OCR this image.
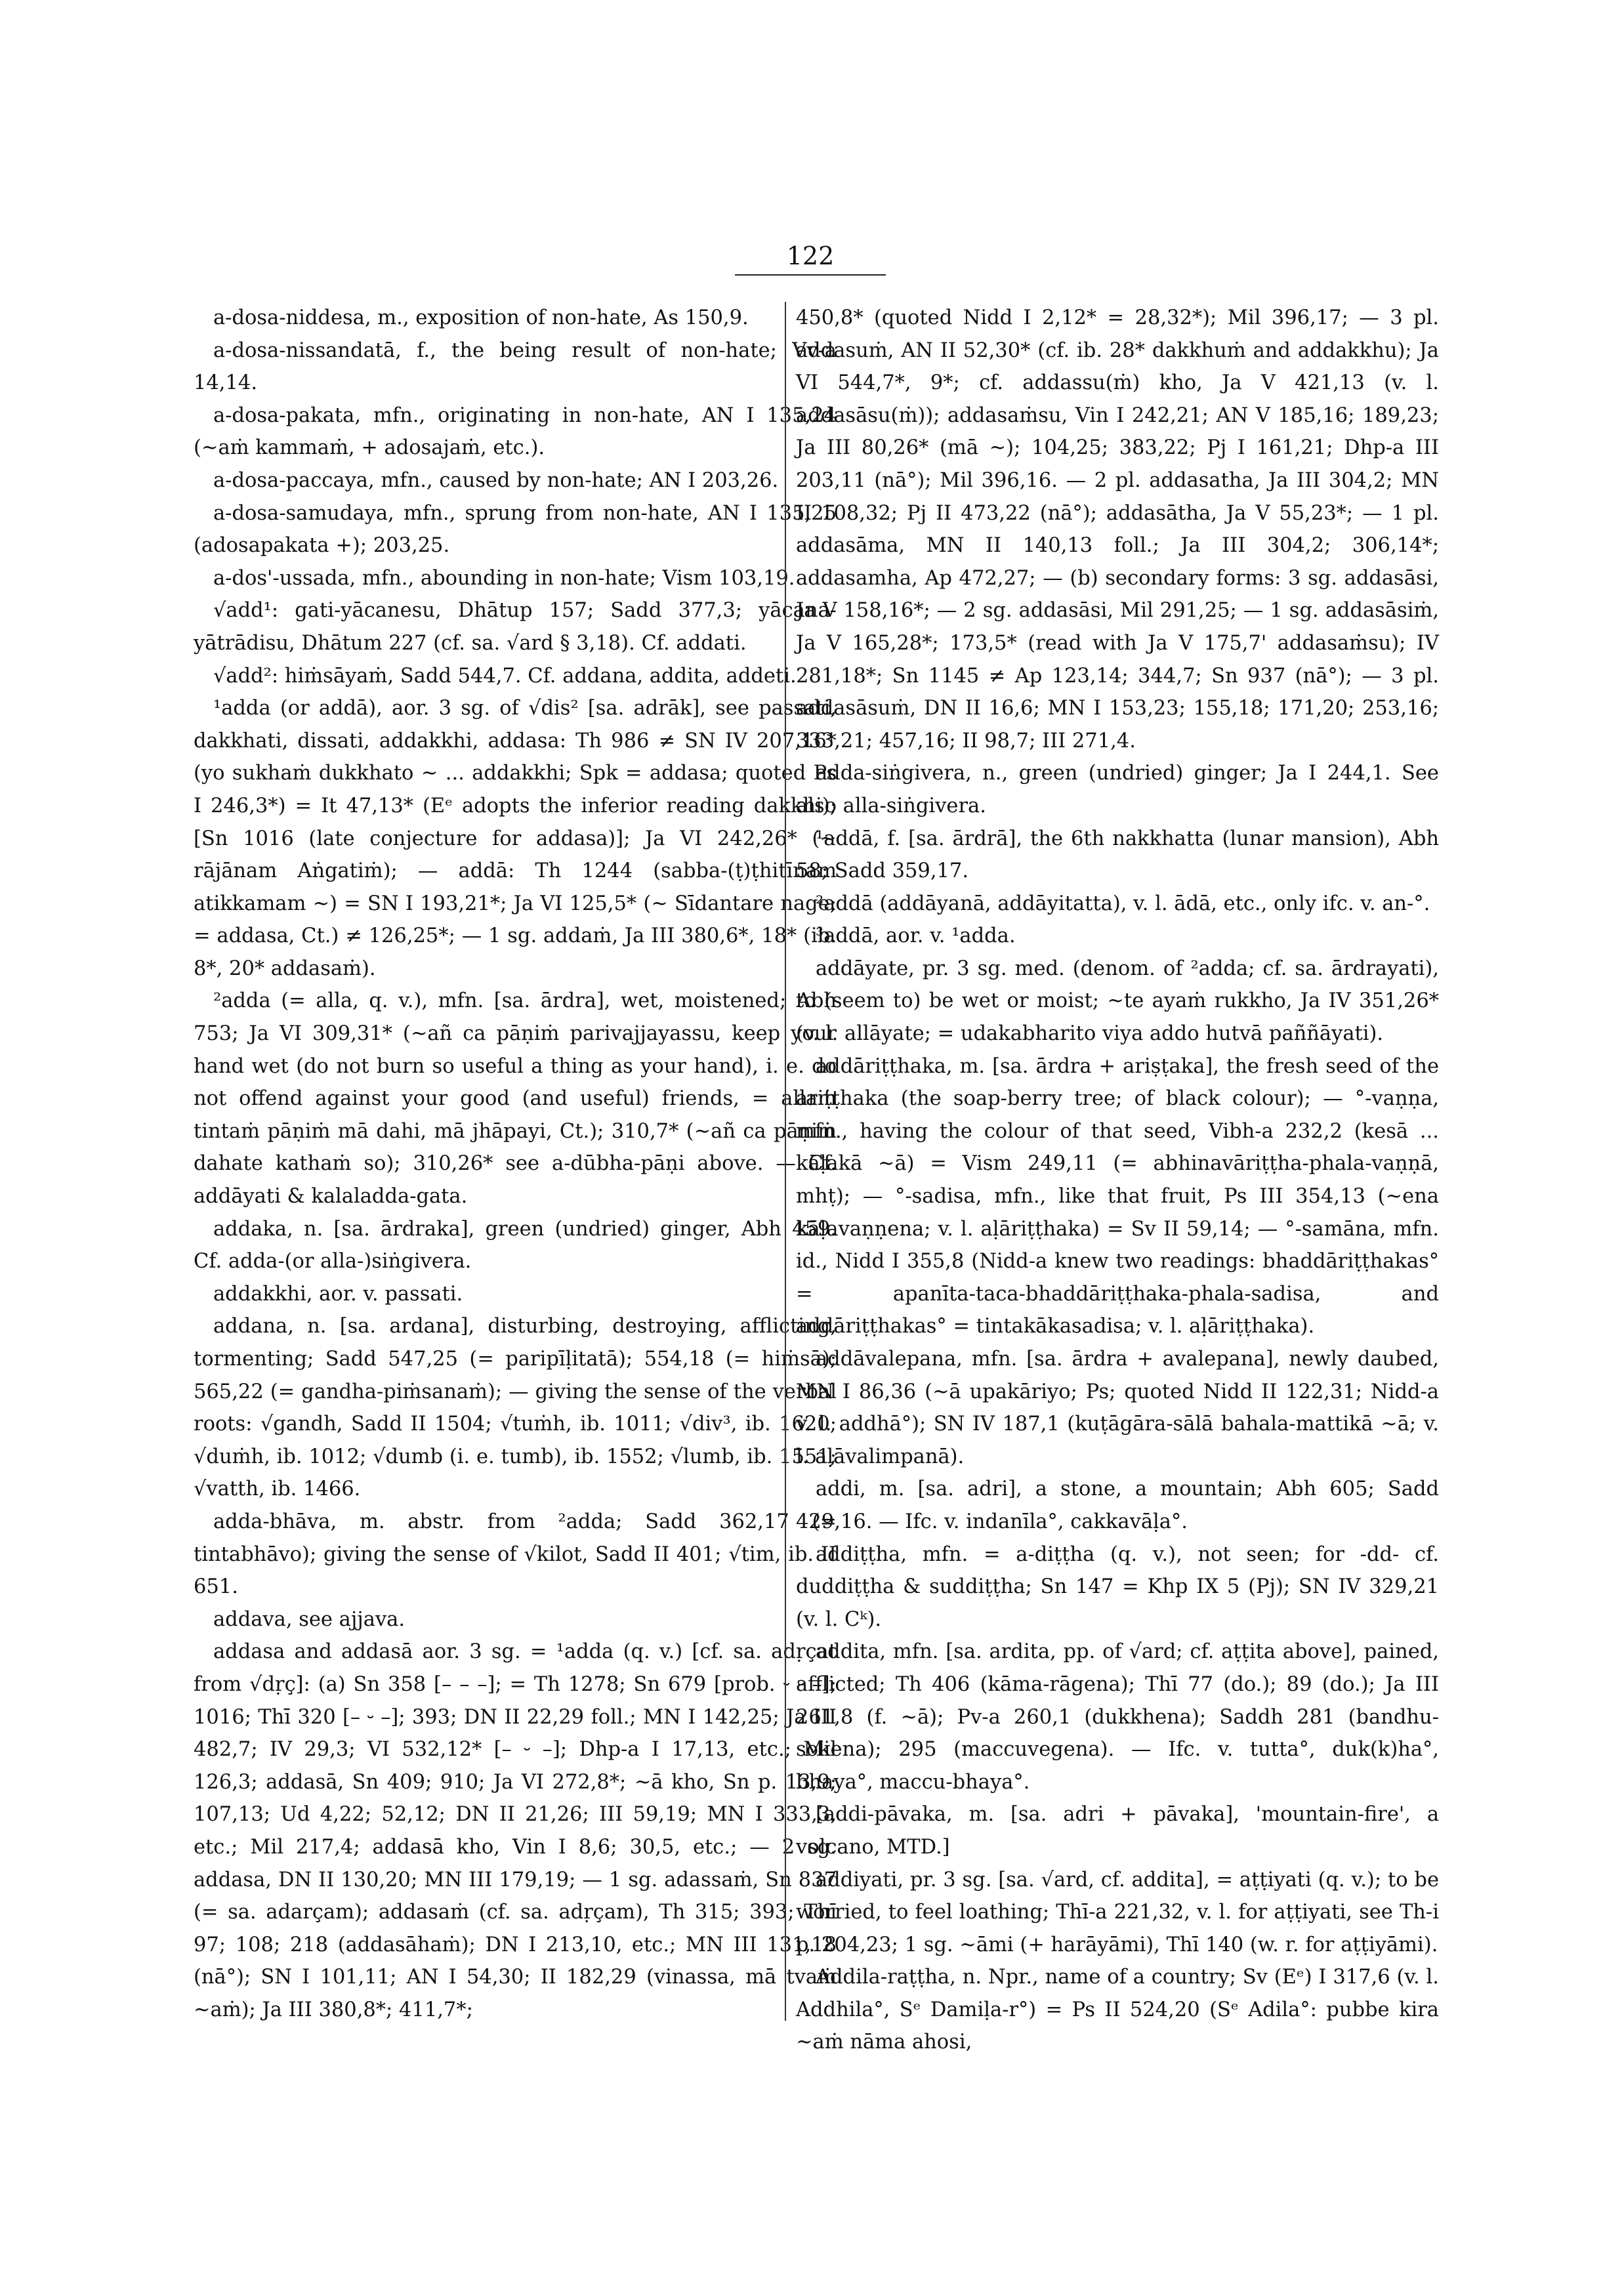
122

a-dosa-niddesa, m., exposition of non-hate, As 150,9.

a-dosa-nissandatā, f., the being result of non-hate; Vv-a 14,14.

a-dosa-pakata, mfn., originating in non-hate, AN I 135,24 (~aṁ kammaṁ, + adosajaṁ, etc.).

a-dosa-paccaya, mfn., caused by non-hate; AN I 203,26.

a-dosa-samudaya, mfn., sprung from non-hate, AN I 135,25 (adosapakata +); 203,25.

a-dos'-ussada, mfn., abounding in non-hate; Vism 103,19.

√add¹: gati-yācanesu, Dhātup 157; Sadd 377,3; yācana-yātrādisu, Dhātum 227 (cf. sa. √ard § 3,18). Cf. addati.

√add²: hiṁsāyaṁ, Sadd 544,7. Cf. addana, addita, addeti.

¹adda (or addā), aor. 3 sg. of √dis² [sa. adrāk], see passati, dakkhati, dissati, addakkhi, addasa: Th 986 ≠ SN IV 207,16* (yo sukhaṁ dukkhato ~ ... addakkhi; Spk = addasa; quoted Ps I 246,3*) = It 47,13* (Eᵉ adopts the inferior reading dakkhi); [Sn 1016 (late conjecture for addasa)]; Ja VI 242,26* (~ rājānam Aṅgatiṁ); — addā: Th 1244 (sabba-(ṭ)ṭhitīnam atikkamam ~) = SN I 193,21*; Ja VI 125,5* (~ Sīdantare nage; = addasa, Ct.) ≠ 126,25*; — 1 sg. addaṁ, Ja III 380,6*, 18* (ib. 8*, 20* addasaṁ).

²adda (= alla, q. v.), mfn. [sa. ārdra], wet, moistened; Abh 753; Ja VI 309,31* (~añ ca pāṇiṁ parivajjayassu, keep your hand wet (do not burn so useful a thing as your hand), i. e. do not offend against your good (and useful) friends, = allaṁ tintaṁ pāṇiṁ mā dahi, mā jhāpayi, Ct.); 310,7* (~añ ca pāṇiṁ dahate kathaṁ so); 310,26* see a-dūbha-pāṇi above. — Cf. addāyati & kalaladda-gata.

addaka, n. [sa. ārdraka], green (undried) ginger, Abh 459. Cf. adda-(or alla-)siṅgivera.

addakkhi, aor. v. passati.

addana, n. [sa. ardana], disturbing, destroying, afflicting, tormenting; Sadd 547,25 (= paripīḷitatā); 554,18 (= hiṁsā); 565,22 (= gandha-piṁsanaṁ); — giving the sense of the verbal roots: √gandh, Sadd II 1504; √tuṁh, ib. 1011; √div³, ib. 1620; √duṁh, ib. 1012; √dumb (i. e. tumb), ib. 1552; √lumb, ib. 1551; √vatth, ib. 1466.

adda-bhāva, m. abstr. from ²adda; Sadd 362,17 (= tintabhāvo); giving the sense of √kilot, Sadd II 401; √tim, ib. II 651.

addava, see ajjava.

addasa and addasā aor. 3 sg. = ¹adda (q. v.) [cf. sa. adṛçat from √dṛç]: (a) Sn 358 [– – –]; = Th 1278; Sn 679 [prob. ⏑ ⏑ –]; 1016; Thī 320 [– ⏑ –]; 393; DN II 22,29 foll.; MN I 142,25; Ja III 482,7; IV 29,3; VI 532,12* [– ⏑ –]; Dhp-a I 17,13, etc.; Mil 126,3; addasā, Sn 409; 910; Ja VI 272,8*; ~ā kho, Sn p. 13,9; 107,13; Ud 4,22; 52,12; DN II 21,26; III 59,19; MN I 333,3, etc.; Mil 217,4; addasā kho, Vin I 8,6; 30,5, etc.; — 2 sg. addasa, DN II 130,20; MN III 179,19; — 1 sg. adassaṁ, Sn 837 (= sa. adarçam); addasaṁ (cf. sa. adṛçam), Th 315; 393; Thī 97; 108; 218 (addasāhaṁ); DN I 213,10, etc.; MN III 131,18 (nā°); SN I 101,11; AN I 54,30; II 182,29 (vinassa, mā tvaṁ ~aṁ); Ja III 380,8*; 411,7*;

450,8* (quoted Nidd I 2,12* = 28,32*); Mil 396,17; — 3 pl. addasuṁ, AN II 52,30* (cf. ib. 28* dakkhuṁ and addakkhu); Ja VI 544,7*, 9*; cf. addassu(ṁ) kho, Ja V 421,13 (v. l. addasāsu(ṁ)); addasaṁsu, Vin I 242,21; AN V 185,16; 189,23; Ja III 80,26* (mā ~); 104,25; 383,22; Pj I 161,21; Dhp-a III 203,11 (nā°); Mil 396,16. — 2 pl. addasatha, Ja III 304,2; MN II 108,32; Pj II 473,22 (nā°); addasātha, Ja V 55,23*; — 1 pl. addasāma, MN II 140,13 foll.; Ja III 304,2; 306,14*; addasamha, Ap 472,27; — (b) secondary forms: 3 sg. addasāsi, Ja V 158,16*; — 2 sg. addasāsi, Mil 291,25; — 1 sg. addasāsiṁ, Ja V 165,28*; 173,5* (read with Ja V 175,7' addasaṁsu); IV 281,18*; Sn 1145 ≠ Ap 123,14; 344,7; Sn 937 (nā°); — 3 pl. addasāsuṁ, DN II 16,6; MN I 153,23; 155,18; 171,20; 253,16; 333,21; 457,16; II 98,7; III 271,4.

adda-siṅgivera, n., green (undried) ginger; Ja I 244,1. See also alla-siṅgivera.

¹addā, f. [sa. ārdrā], the 6th nakkhatta (lunar mansion), Abh 58; Sadd 359,17.

²addā (addāyanā, addāyitatta), v. l. ādā, etc., only ifc. v. an-°.

³addā, aor. v. ¹adda.

addāyate, pr. 3 sg. med. (denom. of ²adda; cf. sa. ārdrayati), to (seem to) be wet or moist; ~te ayaṁ rukkho, Ja IV 351,26* (v. l. allāyate; = udakabharito viya addo hutvā paññāyati).

addāriṭṭhaka, m. [sa. ārdra + ariṣṭaka], the fresh seed of the ariṭṭhaka (the soap-berry tree; of black colour); — °-vaṇṇa, mfn., having the colour of that seed, Vibh-a 232,2 (kesā ... kāḷakā ~ā) = Vism 249,11 (= abhinavāriṭṭha-phala-vaṇṇā, mhṭ); — °-sadisa, mfn., like that fruit, Ps III 354,13 (~ena kāḷavaṇṇena; v. l. aḷāriṭṭhaka) = Sv II 59,14; — °-samāna, mfn. id., Nidd I 355,8 (Nidd-a knew two readings: bhaddāriṭṭhakas° = apanīta-taca-bhaddāriṭṭhaka-phala-sadisa, and addāriṭṭhakas° = tintakākasadisa; v. l. aḷāriṭṭhaka).

addāvalepana, mfn. [sa. ārdra + avalepana], newly daubed, MN I 86,36 (~ā upakāriyo; Ps; quoted Nidd II 122,31; Nidd-a v. l. addhā°); SN IV 187,1 (kuṭāgāra-sālā bahala-mattikā ~ā; v. l. aḷāvalimpanā).

addi, m. [sa. adri], a stone, a mountain; Abh 605; Sadd 429,16. — Ifc. v. indanīla°, cakkavāḷa°.

addiṭṭha, mfn. = a-diṭṭha (q. v.), not seen; for -dd- cf. duddiṭṭha & suddiṭṭha; Sn 147 = Khp IX 5 (Pj); SN IV 329,21 (v. l. Cᵏ).

addita, mfn. [sa. ardita, pp. of √ard; cf. aṭṭita above], pained, afflicted; Th 406 (kāma-rāgena); Thī 77 (do.); 89 (do.); Ja III 261,8 (f. ~ā); Pv-a 260,1 (dukkhena); Saddh 281 (bandhu-sokena); 295 (maccuvegena). — Ifc. v. tutta°, duk(k)ha°, bhaya°, maccu-bhaya°.

[addi-pāvaka, m. [sa. adri + pāvaka], 'mountain-fire', a volcano, MTD.]

addiyati, pr. 3 sg. [sa. √ard, cf. addita], = aṭṭiyati (q. v.); to be worried, to feel loathing; Thī-a 221,32, v. l. for aṭṭiyati, see Th-i p. 204,23; 1 sg. ~āmi (+ harāyāmi), Thī 140 (w. r. for aṭṭiyāmi).

Addila-raṭṭha, n. Npr., name of a country; Sv (Eᵉ) I 317,6 (v. l. Addhila°, Sᵉ Damiḷa-r°) = Ps II 524,20 (Sᵉ Adila°: pubbe kira ~aṁ nāma ahosi,
